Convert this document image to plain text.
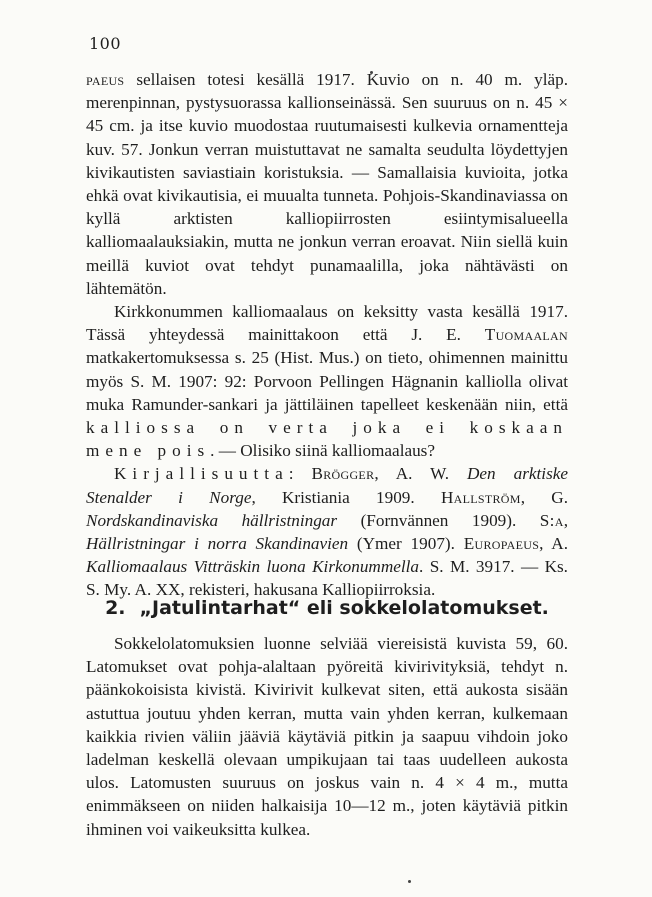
100

paeus sellaisen totesi kesällä 1917. Kuvio on n. 40 m. yläp. merenpinnan, pystysuorassa kallionseinässä. Sen suuruus on n. 45 × 45 cm. ja itse kuvio muodostaa ruutumaisesti kulkevia ornamentteja kuv. 57. Jonkun verran muistuttavat ne samalta seudulta löydettyjen kivikautisten saviastiain koristuksia. — Samallaisia kuvioita, jotka ehkä ovat kivikautisia, ei muualta tunneta. Pohjois-Skandinaviassa on kyllä arktisten kalliopiirrosten esiintymisalueella kalliomaalauksiakin, mutta ne jonkun verran eroavat. Niin siellä kuin meillä kuviot ovat tehdyt punamaalilla, joka nähtävästi on lähtemätön.

Kirkkonummen kalliomaalaus on keksitty vasta kesällä 1917. Tässä yhteydessä mainittakoon että J. E. Tuomaalan matkakertomuksessa s. 25 (Hist. Mus.) on tieto, ohimennen mainittu myös S. M. 1907: 92: Porvoon Pellingen Hägnanin kalliolla olivat muka Ramunder-sankari ja jättiläinen tapelleet keskenään niin, että kalliossa on verta joka ei koskaan mene pois. — Olisiko siinä kalliomaalaus?

Kirjallisuutta: Brögger, A. W. Den arktiske Stenalder i Norge, Kristiania 1909. Hallström, G. Nordskandinaviska hällristningar (Fornvännen 1909). S:a, Hällristningar i norra Skandinavien (Ymer 1907). Europaeus, A. Kalliomaalaus Vitträskin luona Kirkonummella. S. M. 3917. — Ks. S. My. A. XX, rekisteri, hakusana Kalliopiirroksia.

2. „Jatulintarhat“ eli sokkelolatomukset.

Sokkelolatomuksien luonne selviää viereisistä kuvista 59, 60. Latomukset ovat pohja-alaltaan pyöreitä kivirivityksiä, tehdyt n. päänkokoisista kivistä. Kivirivit kulkevat siten, että aukosta sisään astuttua joutuu yhden kerran, mutta vain yhden kerran, kulkemaan kaikkia rivien väliin jääviä käytäviä pitkin ja saapuu vihdoin joko ladelman keskellä olevaan umpikujaan tai taas uudelleen aukosta ulos. Latomusten suuruus on joskus vain n. 4 × 4 m., mutta enimmäkseen on niiden halkaisija 10—12 m., joten käytäviä pitkin ihminen voi vaikeuksitta kulkea.
